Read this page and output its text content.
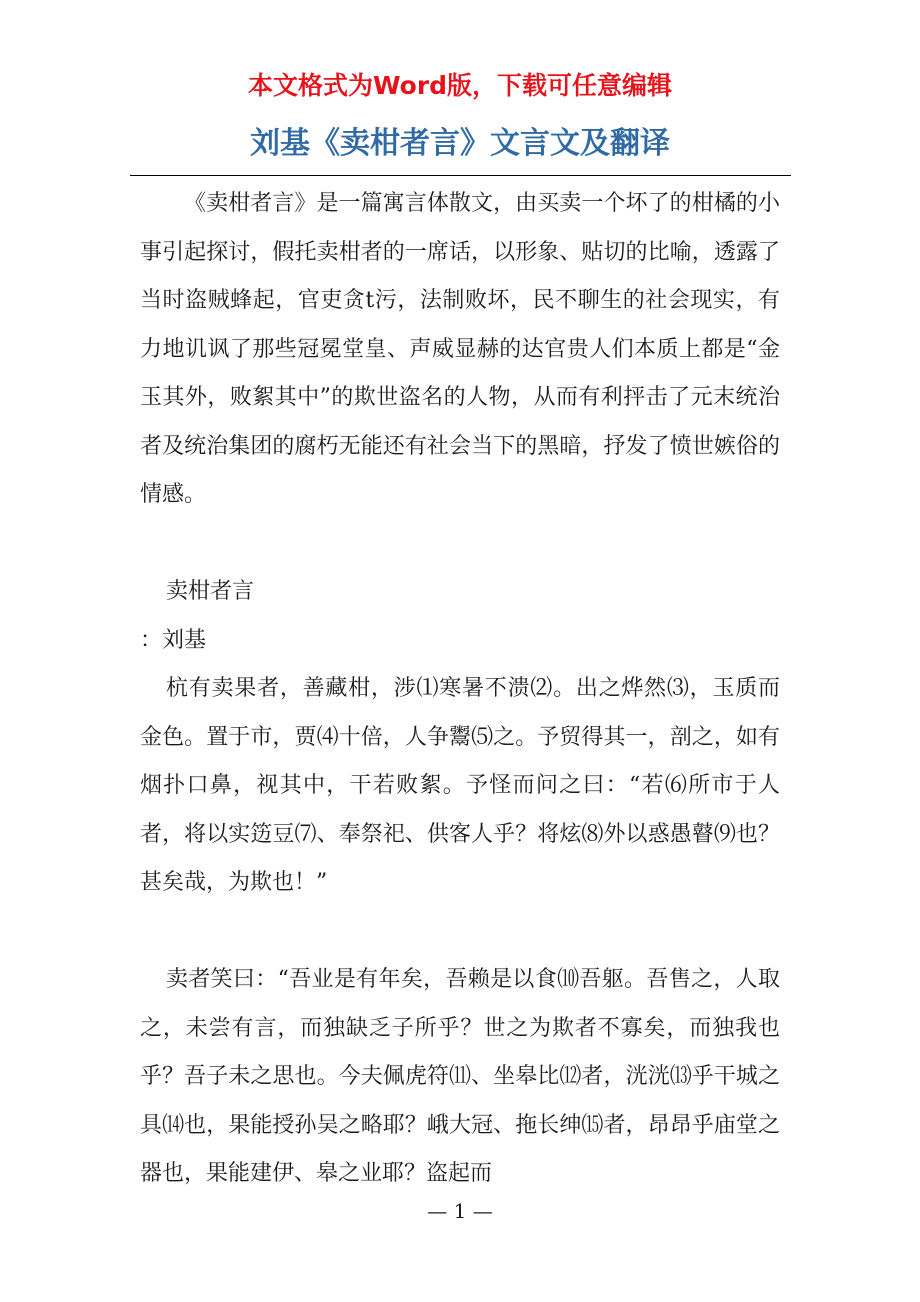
本文格式为Word版，下载可任意编辑
刘基《卖柑者言》文言文及翻译

《卖柑者言》是一篇寓言体散文，由买卖一个坏了的柑橘的小事引起探讨，假托卖柑者的一席话，以形象、贴切的比喻，透露了当时盗贼蜂起，官吏贪t污，法制败坏，民不聊生的社会现实，有力地讥讽了那些冠冕堂皇、声威显赫的达官贵人们本质上都是“金玉其外，败絮其中”的欺世盗名的人物，从而有利抨击了元末统治者及统治集团的腐朽无能还有社会当下的黑暗，抒发了愤世嫉俗的情感。

卖柑者言

：刘基

杭有卖果者，善藏柑，涉⑴寒暑不溃⑵。出之烨然⑶，玉质而金色。置于市，贾⑷十倍，人争鬻⑸之。予贸得其一，剖之，如有烟扑口鼻，视其中，干若败絮。予怪而问之曰：“若⑹所市于人者，将以实笾豆⑺、奉祭祀、供客人乎？将炫⑻外以惑愚瞽⑼也？甚矣哉，为欺也！”

卖者笑曰：“吾业是有年矣，吾赖是以食⑽吾躯。吾售之，人取之，未尝有言，而独缺乏子所乎？世之为欺者不寡矣，而独我也乎？吾子未之思也。今夫佩虎符⑾、坐皋比⑿者，洸洸⒀乎干城之具⒁也，果能授孙吴之略耶？峨大冠、拖长绅⒂者，昂昂乎庙堂之器也，果能建伊、皋之业耶？盗起而

— 1 —
